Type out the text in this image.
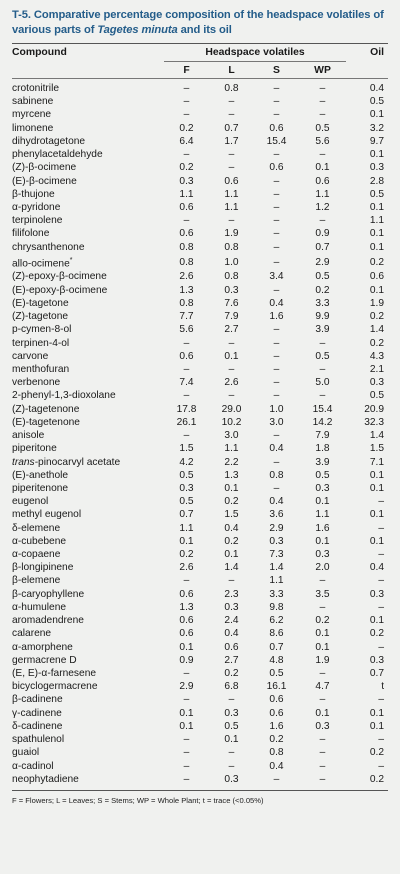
T-5. Comparative percentage composition of the headspace volatiles of various parts of Tagetes minuta and its oil
Compound	Headspace volatiles				Oil
	F	L	S	WP	

crotonitrile	–	0.8	–	–	0.4
sabinene	–	–	–	–	0.5
myrcene	–	–	–	–	0.1
limonene	0.2	0.7	0.6	0.5	3.2
dihydrotagetone	6.4	1.7	15.4	5.6	9.7
phenylacetaldehyde	–	–	–	–	0.1
(Z)-β-ocimene	0.2	–	0.6	0.1	0.3
(E)-β-ocimene	0.3	0.6	–	0.6	2.8
β-thujone	1.1	1.1	–	1.1	0.5
α-pyridone	0.6	1.1	–	1.2	0.1
terpinolene	–	–	–	–	1.1
filifolone	0.6	1.9	–	0.9	0.1
chrysanthenone	0.8	0.8	–	0.7	0.1
allo-ocimene*	0.8	1.0	–	2.9	0.2
(Z)-epoxy-β-ocimene	2.6	0.8	3.4	0.5	0.6
(E)-epoxy-β-ocimene	1.3	0.3	–	0.2	0.1
(E)-tagetone	0.8	7.6	0.4	3.3	1.9
(Z)-tagetone	7.7	7.9	1.6	9.9	0.2
p-cymen-8-ol	5.6	2.7	–	3.9	1.4
terpinen-4-ol	–	–	–	–	0.2
carvone	0.6	0.1	–	0.5	4.3
menthofuran	–	–	–	–	2.1
verbenone	7.4	2.6	–	5.0	0.3
2-phenyl-1,3-dioxolane	–	–	–	–	0.5
(Z)-tagetenone	17.8	29.0	1.0	15.4	20.9
(E)-tagetenone	26.1	10.2	3.0	14.2	32.3
anisole	–	3.0	–	7.9	1.4
piperitone	1.5	1.1	0.4	1.8	1.5
trans-pinocarvyl acetate	4.2	2.2	–	3.9	7.1
(E)-anethole	0.5	1.3	0.8	0.5	0.1
piperitenone	0.3	0.1	–	0.3	0.1
eugenol	0.5	0.2	0.4	0.1	–
methyl eugenol	0.7	1.5	3.6	1.1	0.1
δ-elemene	1.1	0.4	2.9	1.6	–
α-cubebene	0.1	0.2	0.3	0.1	0.1
α-copaene	0.2	0.1	7.3	0.3	–
β-longipinene	2.6	1.4	1.4	2.0	0.4
β-elemene	–	–	1.1	–	–
β-caryophyllene	0.6	2.3	3.3	3.5	0.3
α-humulene	1.3	0.3	9.8	–	–
aromadendrene	0.6	2.4	6.2	0.2	0.1
calarene	0.6	0.4	8.6	0.1	0.2
α-amorphene	0.1	0.6	0.7	0.1	–
germacrene D	0.9	2.7	4.8	1.9	0.3
(E, E)-α-farnesene	–	0.2	0.5	–	0.7
bicyclogermacrene	2.9	6.8	16.1	4.7	t
β-cadinene	–	–	0.6	–	–
γ-cadinene	0.1	0.3	0.6	0.1	0.1
δ-cadinene	0.1	0.5	1.6	0.3	0.1
spathulenol	–	0.1	0.2	–	–
guaiol	–	–	0.8	–	0.2
α-cadinol	–	–	0.4	–	–
neophytadiene	–	0.3	–	–	0.2
F = Flowers; L = Leaves; S = Stems; WP = Whole Plant; t = trace (<0.05%)
